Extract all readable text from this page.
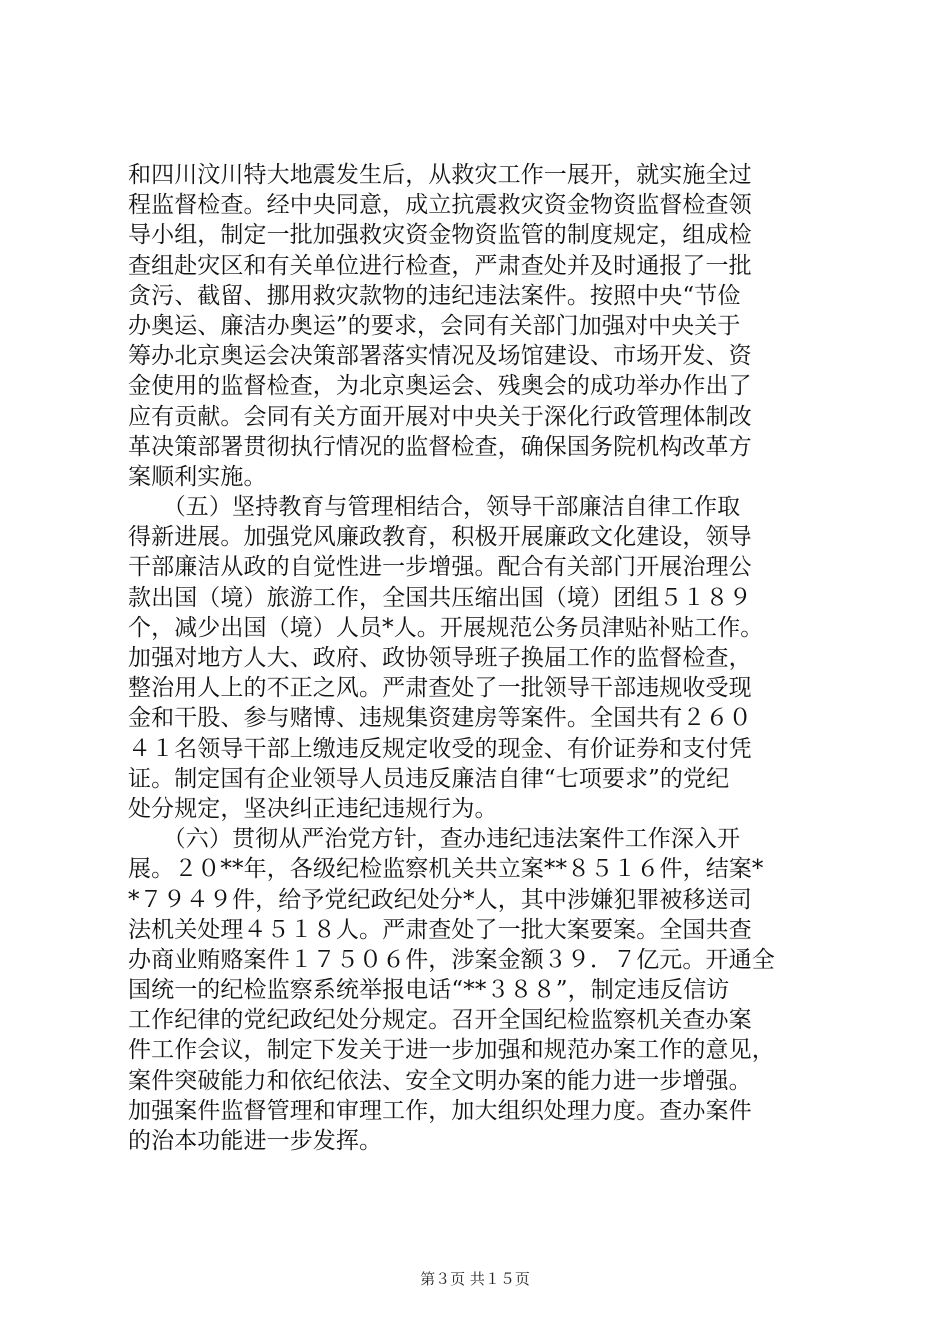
和四川汶川特大地震发生后，从救灾工作一展开，就实施全过
程监督检查。经中央同意，成立抗震救灾资金物资监督检查领
导小组，制定一批加强救灾资金物资监管的制度规定，组成检
查组赴灾区和有关单位进行检查，严肃查处并及时通报了一批
贪污、截留、挪用救灾款物的违纪违法案件。按照中央“节俭
办奥运、廉洁办奥运”的要求，会同有关部门加强对中央关于
筹办北京奥运会决策部署落实情况及场馆建设、市场开发、资
金使用的监督检查，为北京奥运会、残奥会的成功举办作出了
应有贡献。会同有关方面开展对中央关于深化行政管理体制改
革决策部署贯彻执行情况的监督检查，确保国务院机构改革方
案顺利实施。
　　（五）坚持教育与管理相结合，领导干部廉洁自律工作取
得新进展。加强党风廉政教育，积极开展廉政文化建设，领导
干部廉洁从政的自觉性进一步增强。配合有关部门开展治理公
款出国（境）旅游工作，全国共压缩出国（境）团组５１８９
个，减少出国（境）人员*人。开展规范公务员津贴补贴工作。
加强对地方人大、政府、政协领导班子换届工作的监督检查，
整治用人上的不正之风。严肃查处了一批领导干部违规收受现
金和干股、参与赌博、违规集资建房等案件。全国共有２６０
４１名领导干部上缴违反规定收受的现金、有价证券和支付凭
证。制定国有企业领导人员违反廉洁自律“七项要求”的党纪
处分规定，坚决纠正违纪违规行为。
　　（六）贯彻从严治党方针，查办违纪违法案件工作深入开
展。２０**年，各级纪检监察机关共立案**８５１６件，结案*
*７９４９件，给予党纪政纪处分*人，其中涉嫌犯罪被移送司
法机关处理４５１８人。严肃查处了一批大案要案。全国共查
办商业贿赂案件１７５０６件，涉案金额３９．７亿元。开通全
国统一的纪检监察系统举报电话“**３８８”，制定违反信访
工作纪律的党纪政纪处分规定。召开全国纪检监察机关查办案
件工作会议，制定下发关于进一步加强和规范办案工作的意见，
案件突破能力和依纪依法、安全文明办案的能力进一步增强。
加强案件监督管理和审理工作，加大组织处理力度。查办案件
的治本功能进一步发挥。
第３页 共１５页
